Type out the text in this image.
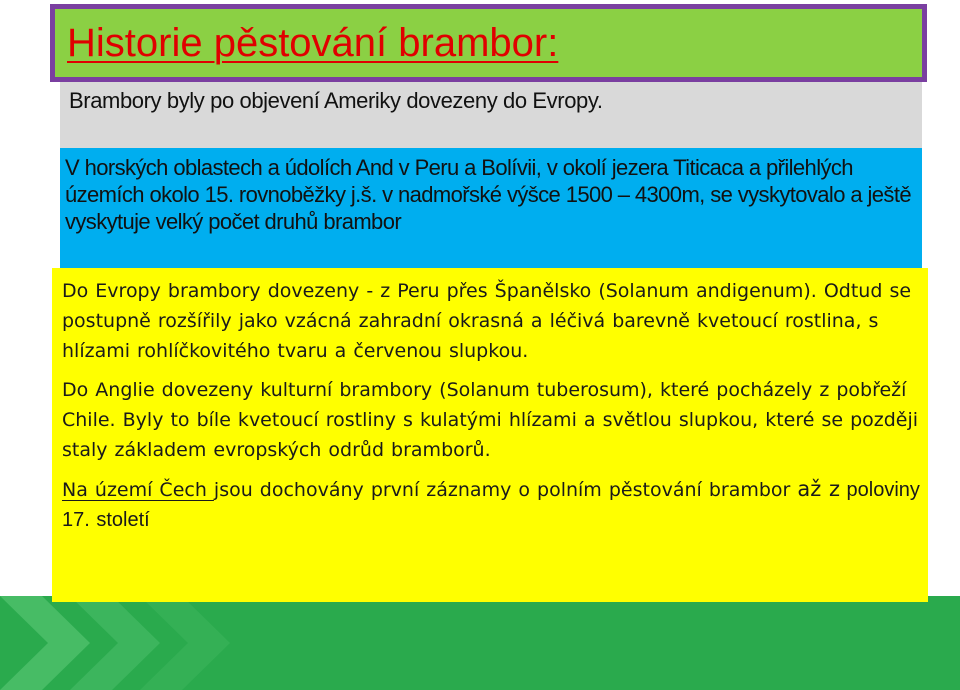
Historie pěstování brambor:
Brambory byly po objevení Ameriky dovezeny do Evropy.
V horských oblastech a údolích And v Peru a Bolívii, v okolí jezera Titicaca a přilehlých územích okolo 15. rovnoběžky j.š. v nadmořské výšce 1500 – 4300m, se vyskytovalo a ještě vyskytuje velký počet druhů brambor

Do Evropy brambory dovezeny - z Peru přes Španělsko (Solanum andigenum). Odtud se postupně rozšířily jako vzácná zahradní okrasná a léčivá barevně kvetoucí rostlina, s hlízami rohlíčkovitého tvaru a červenou slupkou.

Do Anglie dovezeny kulturní brambory (Solanum tuberosum), které pocházely z pobřeží Chile. Byly to bíle kvetoucí rostliny s kulatými hlízami a světlou slupkou, které se později staly základem evropských odrůd bramborů.

Na území Čech jsou dochovány první záznamy o polním pěstování brambor až z poloviny 17. století
